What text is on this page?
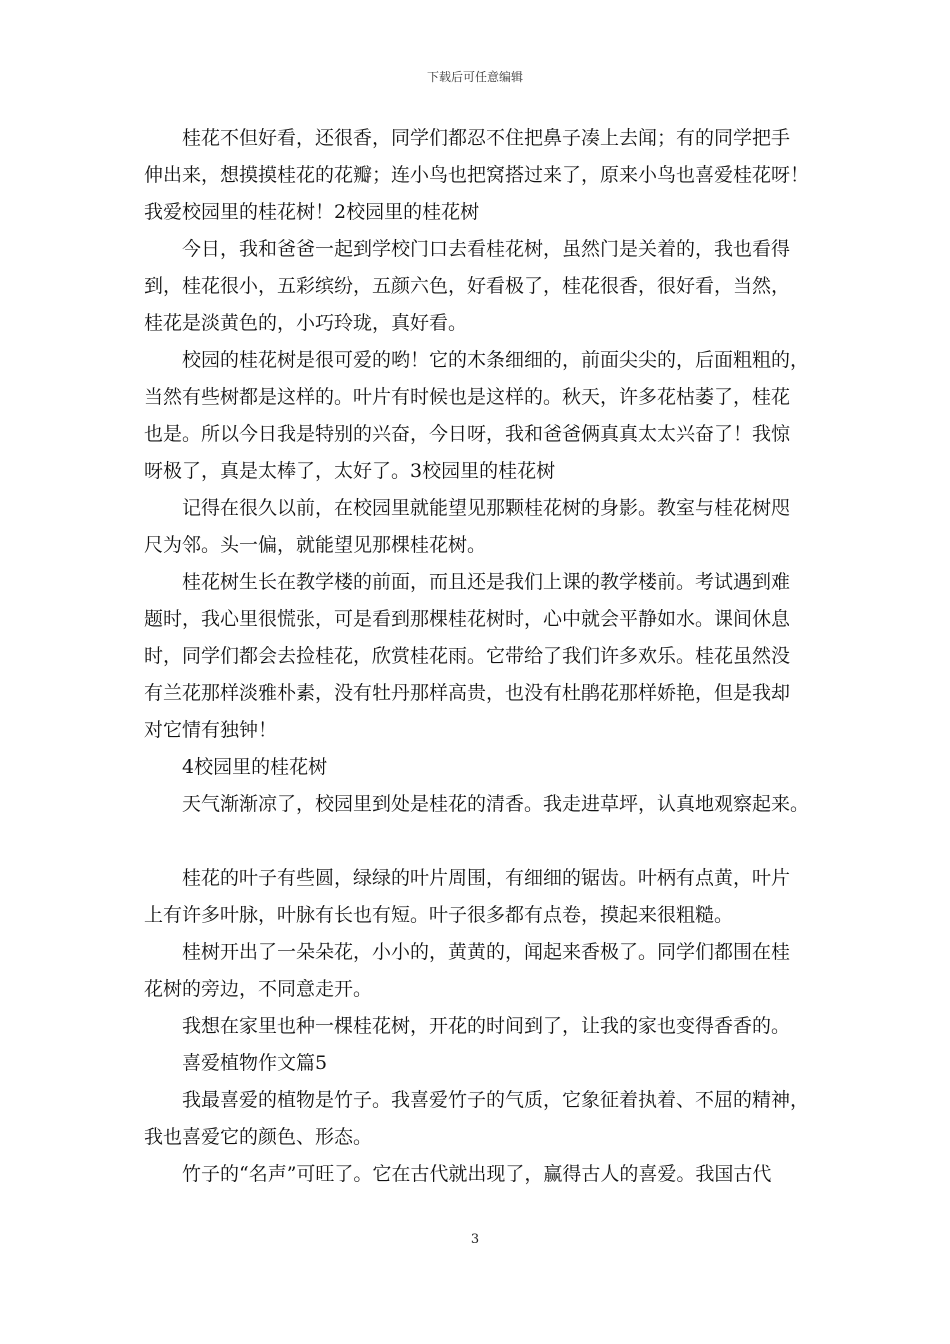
下载后可任意编辑
桂花不但好看，还很香，同学们都忍不住把鼻子凑上去闻；有的同学把手
伸出来，想摸摸桂花的花瓣；连小鸟也把窝搭过来了，原来小鸟也喜爱桂花呀！
我爱校园里的桂花树！2校园里的桂花树
今日，我和爸爸一起到学校门口去看桂花树，虽然门是关着的，我也看得
到，桂花很小，五彩缤纷，五颜六色，好看极了，桂花很香，很好看，当然，
桂花是淡黄色的，小巧玲珑，真好看。
校园的桂花树是很可爱的哟！它的木条细细的，前面尖尖的，后面粗粗的，
当然有些树都是这样的。叶片有时候也是这样的。秋天，许多花枯萎了，桂花
也是。所以今日我是特别的兴奋，今日呀，我和爸爸俩真真太太兴奋了！我惊
呀极了，真是太棒了，太好了。3校园里的桂花树
记得在很久以前，在校园里就能望见那颗桂花树的身影。教室与桂花树咫
尺为邻。头一偏，就能望见那棵桂花树。
桂花树生长在教学楼的前面，而且还是我们上课的教学楼前。考试遇到难
题时，我心里很慌张，可是看到那棵桂花树时，心中就会平静如水。课间休息
时，同学们都会去捡桂花，欣赏桂花雨。它带给了我们许多欢乐。桂花虽然没
有兰花那样淡雅朴素，没有牡丹那样高贵，也没有杜鹃花那样娇艳，但是我却
对它情有独钟！
4校园里的桂花树
天气渐渐凉了，校园里到处是桂花的清香。我走进草坪，认真地观察起来。
桂花的叶子有些圆，绿绿的叶片周围，有细细的锯齿。叶柄有点黄，叶片
上有许多叶脉，叶脉有长也有短。叶子很多都有点卷，摸起来很粗糙。
桂树开出了一朵朵花，小小的，黄黄的，闻起来香极了。同学们都围在桂
花树的旁边，不同意走开。
我想在家里也种一棵桂花树，开花的时间到了，让我的家也变得香香的。
喜爱植物作文篇5
我最喜爱的植物是竹子。我喜爱竹子的气质，它象征着执着、不屈的精神，
我也喜爱它的颜色、形态。
竹子的“名声”可旺了。它在古代就出现了，赢得古人的喜爱。我国古代
3
